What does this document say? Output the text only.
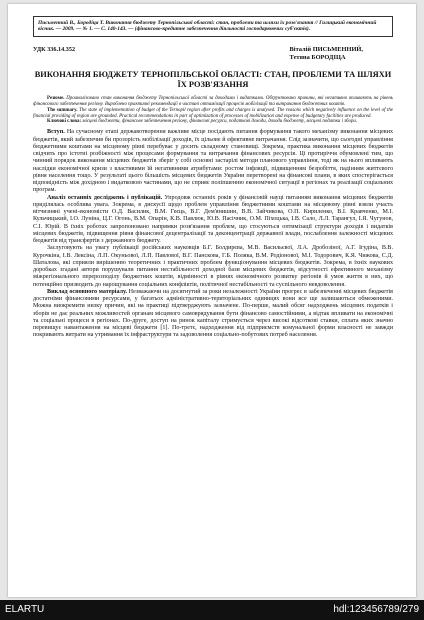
Письменний В., Бородіца Т. Виконання бюджету Тернопільської області: стан, проблеми та шляхи їх розв'язання // Галицький економічний вісник. — 2009. — № 1. — С. 140-143. — (фінансово-кредитне забезпечення діяльності господарюючих суб'єктів).
УДК 336.14.352	Віталій ПИСЬМЕННИЙ,
Тетяна БОРОДІЦА
ВИКОНАННЯ БЮДЖЕТУ ТЕРНОПІЛЬСЬКОЇ ОБЛАСТІ: СТАН, ПРОБЛЕМИ ТА ШЛЯХИ ЇХ РОЗВ'ЯЗАННЯ

Резюме. Проаналізовано стан виконання бюджету Тернопільської області за доходами і видатками. Обґрунтовано причини, які негативно впливають на рівень фінансового забезпечення регіону. Вироблено практичні рекомендації в частині оптимізації процесів мобілізації та витрачання бюджетних коштів.

The summary. The state of implementation of budget of the Ternopil region after profits and charges is analysed. The reasons which negatively influence on the level of the financial providing of region are grounded. Practical recommendations in part of optimization of processes of mobilization and expense of budgetary facilities are produced.

Ключові слова: місцеві бюджети, фінансове забезпечення регіону, фінансові ресурси, податкові доходи, доходи бюджету, місцеві податки і збори.

Вступ. На сучасному етапі державотворення важливе місце посідають питання формування такого механізму виконання місцевих бюджетів, який забезпечив би прозорість мобілізації доходів, їх цільове й ефективне витрачання. Слід зазначити, що сьогодні управління бюджетними коштами на місцевому рівні перебуває у досить складному становищі. Зокрема, практика виконання місцевих бюджетів свідчить про істотні розбіжності між процесами формування та витрачання фінансових ресурсів. Ці протиріччя обумовлені тим, що чинний порядок виконання місцевих бюджетів зберіг у собі основні застарілі методи планового управління, тоді як на нього впливають наслідки економічної кризи з властивими їй негативними атрибутами: ростом інфляції, підвищенням безробіття, падінням життєвого рівня населення тощо. У результаті цього більшість місцевих бюджетів України перетворені на фінансові плани, в яких спостерігається відповідність між дохідною і видатковою частинами, що не сприяє поліпшенню економічної ситуації в регіонах та реалізації соціальних програм.

Аналіз останніх досліджень і публікацій. Упродовж останніх років у фінансовій науці питанням виконання місцевих бюджетів приділялась особлива увага. Зокрема, в дискусії щодо проблем управління бюджетними коштами на місцевому рівні взяли участь вітчизняні учені-економісти О.Д. Василик, В.М. Геєць, В.Г. Дем'янишин, В.В. Зайчикова, О.П. Кириленко, В.І. Кравченко, М.І. Кульчицький, І.О. Луніна, Ц.Г. Огонь, В.М. Опарін, К.В. Павлюк, Ю.В. Пасічник, О.М. Піхоцька, І.В. Сало, Л.Л. Тарангул, І.Я. Чугунов, С.І. Юрій. В їхніх роботах запропоновано напрямки розв'язання проблем, що стосуються оптимізації структури доходів і видатків місцевих бюджетів, підвищення рівня фінансової децентралізації та деконцентрації державної влади, послаблення залежності місцевих бюджетів від трансфертів з державного бюджету.

Заслуговують на увагу публікації російських науковців Б.Г. Болдирєва, М.В. Васильєвої, Л.А. Дробозіної, А.Г. Ігудіна, В.В. Курочкіна, І.В. Лексіна, Л.П. Окуньової, Л.П. Павлової, В.Г. Панскова, Г.Б. Поляка, В.М. Родіонової, М.І. Тодорович, К.Я. Чижова, С.Д. Шаталова, які сприяли вирішенню теоретичних і практичних проблем функціонування місцевих бюджетів. Зокрема, в їхніх наукових доробках згадані автори порушували питання нестабільності доходної бази місцевих бюджетів, відсутності ефективного механізму міжрегіонального перерозподілу бюджетних коштів, відмінності в рівнях економічного розвитку регіонів й умов життя в них, що потенційно призводить до нарощування соціальних конфліктів, політичної нестабільності та суспільного невдоволення.

Виклад основного матеріалу. Незважаючи на досягнутий за роки незалежності України прогрес в забезпеченні місцевих бюджетів достатніми фінансовими ресурсами, у багатьох адміністративно-територіальних одиницях вони все ще залишаються обмеженими. Можна виокремити низку причин, які на практиці підтверджують зазначене. По-перше, малий обсяг надходжень місцевих податків і зборів не дає реальних можливостей органам місцевого самоврядування бути фінансово самостійними, а відтак впливати на економічні та соціальні процеси в регіонах. По-друге, доступ на ринок капіталу стримується через високі відсоткові ставки, сплата яких значно перевищує навантаження на місцеві бюджети [1]. По-третє, надходження від підприємств комунальної форми власності не завжди покривають витрати на утримання їх інфраструктури та задоволення соціально-побутових потреб населення.

ELARTU	hdl:123456789/279
